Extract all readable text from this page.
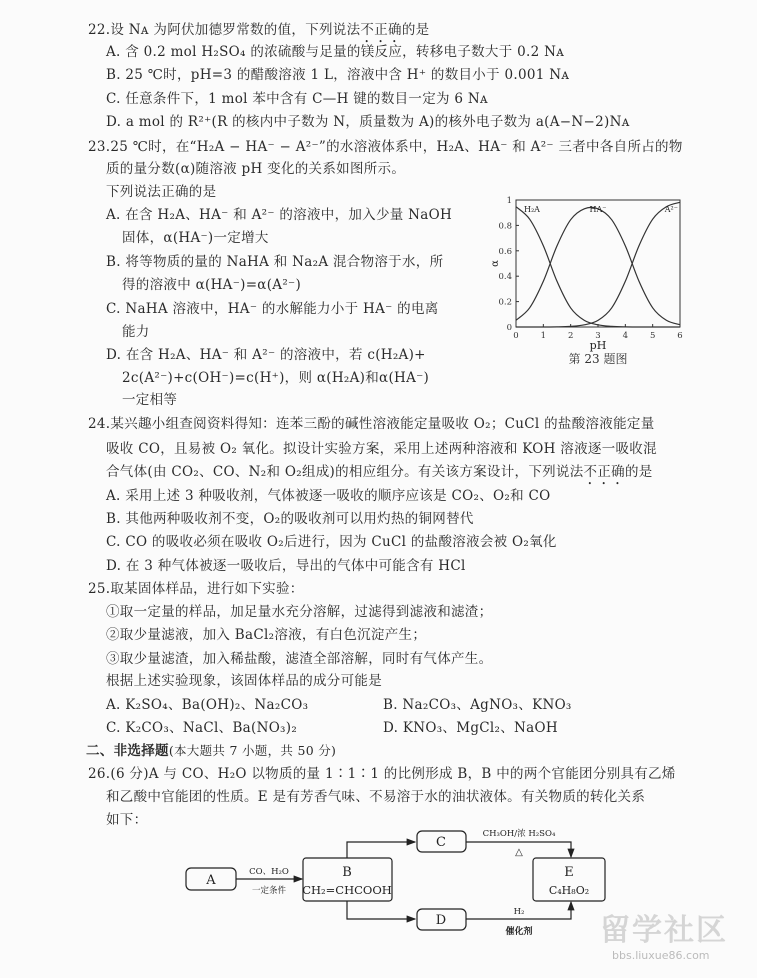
22.设 Nᴀ 为阿伏加德罗常数的值，下列说法不正确的是
A. 含 0.2 mol H₂SO₄ 的浓硫酸与足量的镁反应，转移电子数大于 0.2 Nᴀ
B. 25 ℃时，pH=3 的醋酸溶液 1 L，溶液中含 H⁺ 的数目小于 0.001 Nᴀ
C. 任意条件下，1 mol 苯中含有 C—H 键的数目一定为 6 Nᴀ
D. a mol 的 R²⁺(R 的核内中子数为 N，质量数为 A)的核外电子数为 a(A−N−2)Nᴀ
23.25 ℃时，在“H₂A − HA⁻ − A²⁻”的水溶液体系中，H₂A、HA⁻ 和 A²⁻ 三者中各自所占的物
质的量分数(α)随溶液 pH 变化的关系如图所示。
下列说法正确的是
A. 在含 H₂A、HA⁻ 和 A²⁻ 的溶液中，加入少量 NaOH
固体，α(HA⁻)一定增大
B. 将等物质的量的 NaHA 和 Na₂A 混合物溶于水，所
得的溶液中 α(HA⁻)=α(A²⁻)
C. NaHA 溶液中，HA⁻ 的水解能力小于 HA⁻ 的电离
能力
D. 在含 H₂A、HA⁻ 和 A²⁻ 的溶液中，若 c(H₂A)+
2c(A²⁻)+c(OH⁻)=c(H⁺)，则 α(H₂A)和α(HA⁻)
一定相等
0	1	2	3	4	5	6
0
0.2
0.4
0.6
0.8
1
pH
α
第 23 题图
H₂A	HA⁻	A²⁻
24.某兴趣小组查阅资料得知：连苯三酚的碱性溶液能定量吸收 O₂；CuCl 的盐酸溶液能定量
吸收 CO，且易被 O₂ 氧化。拟设计实验方案，采用上述两种溶液和 KOH 溶液逐一吸收混
合气体(由 CO₂、CO、N₂和 O₂组成)的相应组分。有关该方案设计，下列说法不正确的是
A. 采用上述 3 种吸收剂，气体被逐一吸收的顺序应该是 CO₂、O₂和 CO
B. 其他两种吸收剂不变，O₂的吸收剂可以用灼热的铜网替代
C. CO 的吸收必须在吸收 O₂后进行，因为 CuCl 的盐酸溶液会被 O₂氧化
D. 在 3 种气体被逐一吸收后，导出的气体中可能含有 HCl
25.取某固体样品，进行如下实验：
①取一定量的样品，加足量水充分溶解，过滤得到滤液和滤渣；
②取少量滤液，加入 BaCl₂溶液，有白色沉淀产生；
③取少量滤渣，加入稀盐酸，滤渣全部溶解，同时有气体产生。
根据上述实验现象，该固体样品的成分可能是
A. K₂SO₄、Ba(OH)₂、Na₂CO₃	B. Na₂CO₃、AgNO₃、KNO₃
C. K₂CO₃、NaCl、Ba(NO₃)₂	D. KNO₃、MgCl₂、NaOH
二、非选择题(本大题共 7 小题，共 50 分)
26.(6 分)A 与 CO、H₂O 以物质的量 1∶1∶1 的比例形成 B，B 中的两个官能团分别具有乙烯
和乙酸中官能团的性质。E 是有芳香气味、不易溶于水的油状液体。有关物质的转化关系
如下：
A
CO、H₂O
一定条件
B
CH₂=CHCOOH
C
D
CH₃OH/浓 H₂SO₄
△
H₂
催化剂
E
C₄H₈O₂
留学社区
bbs.liuxue86.com
